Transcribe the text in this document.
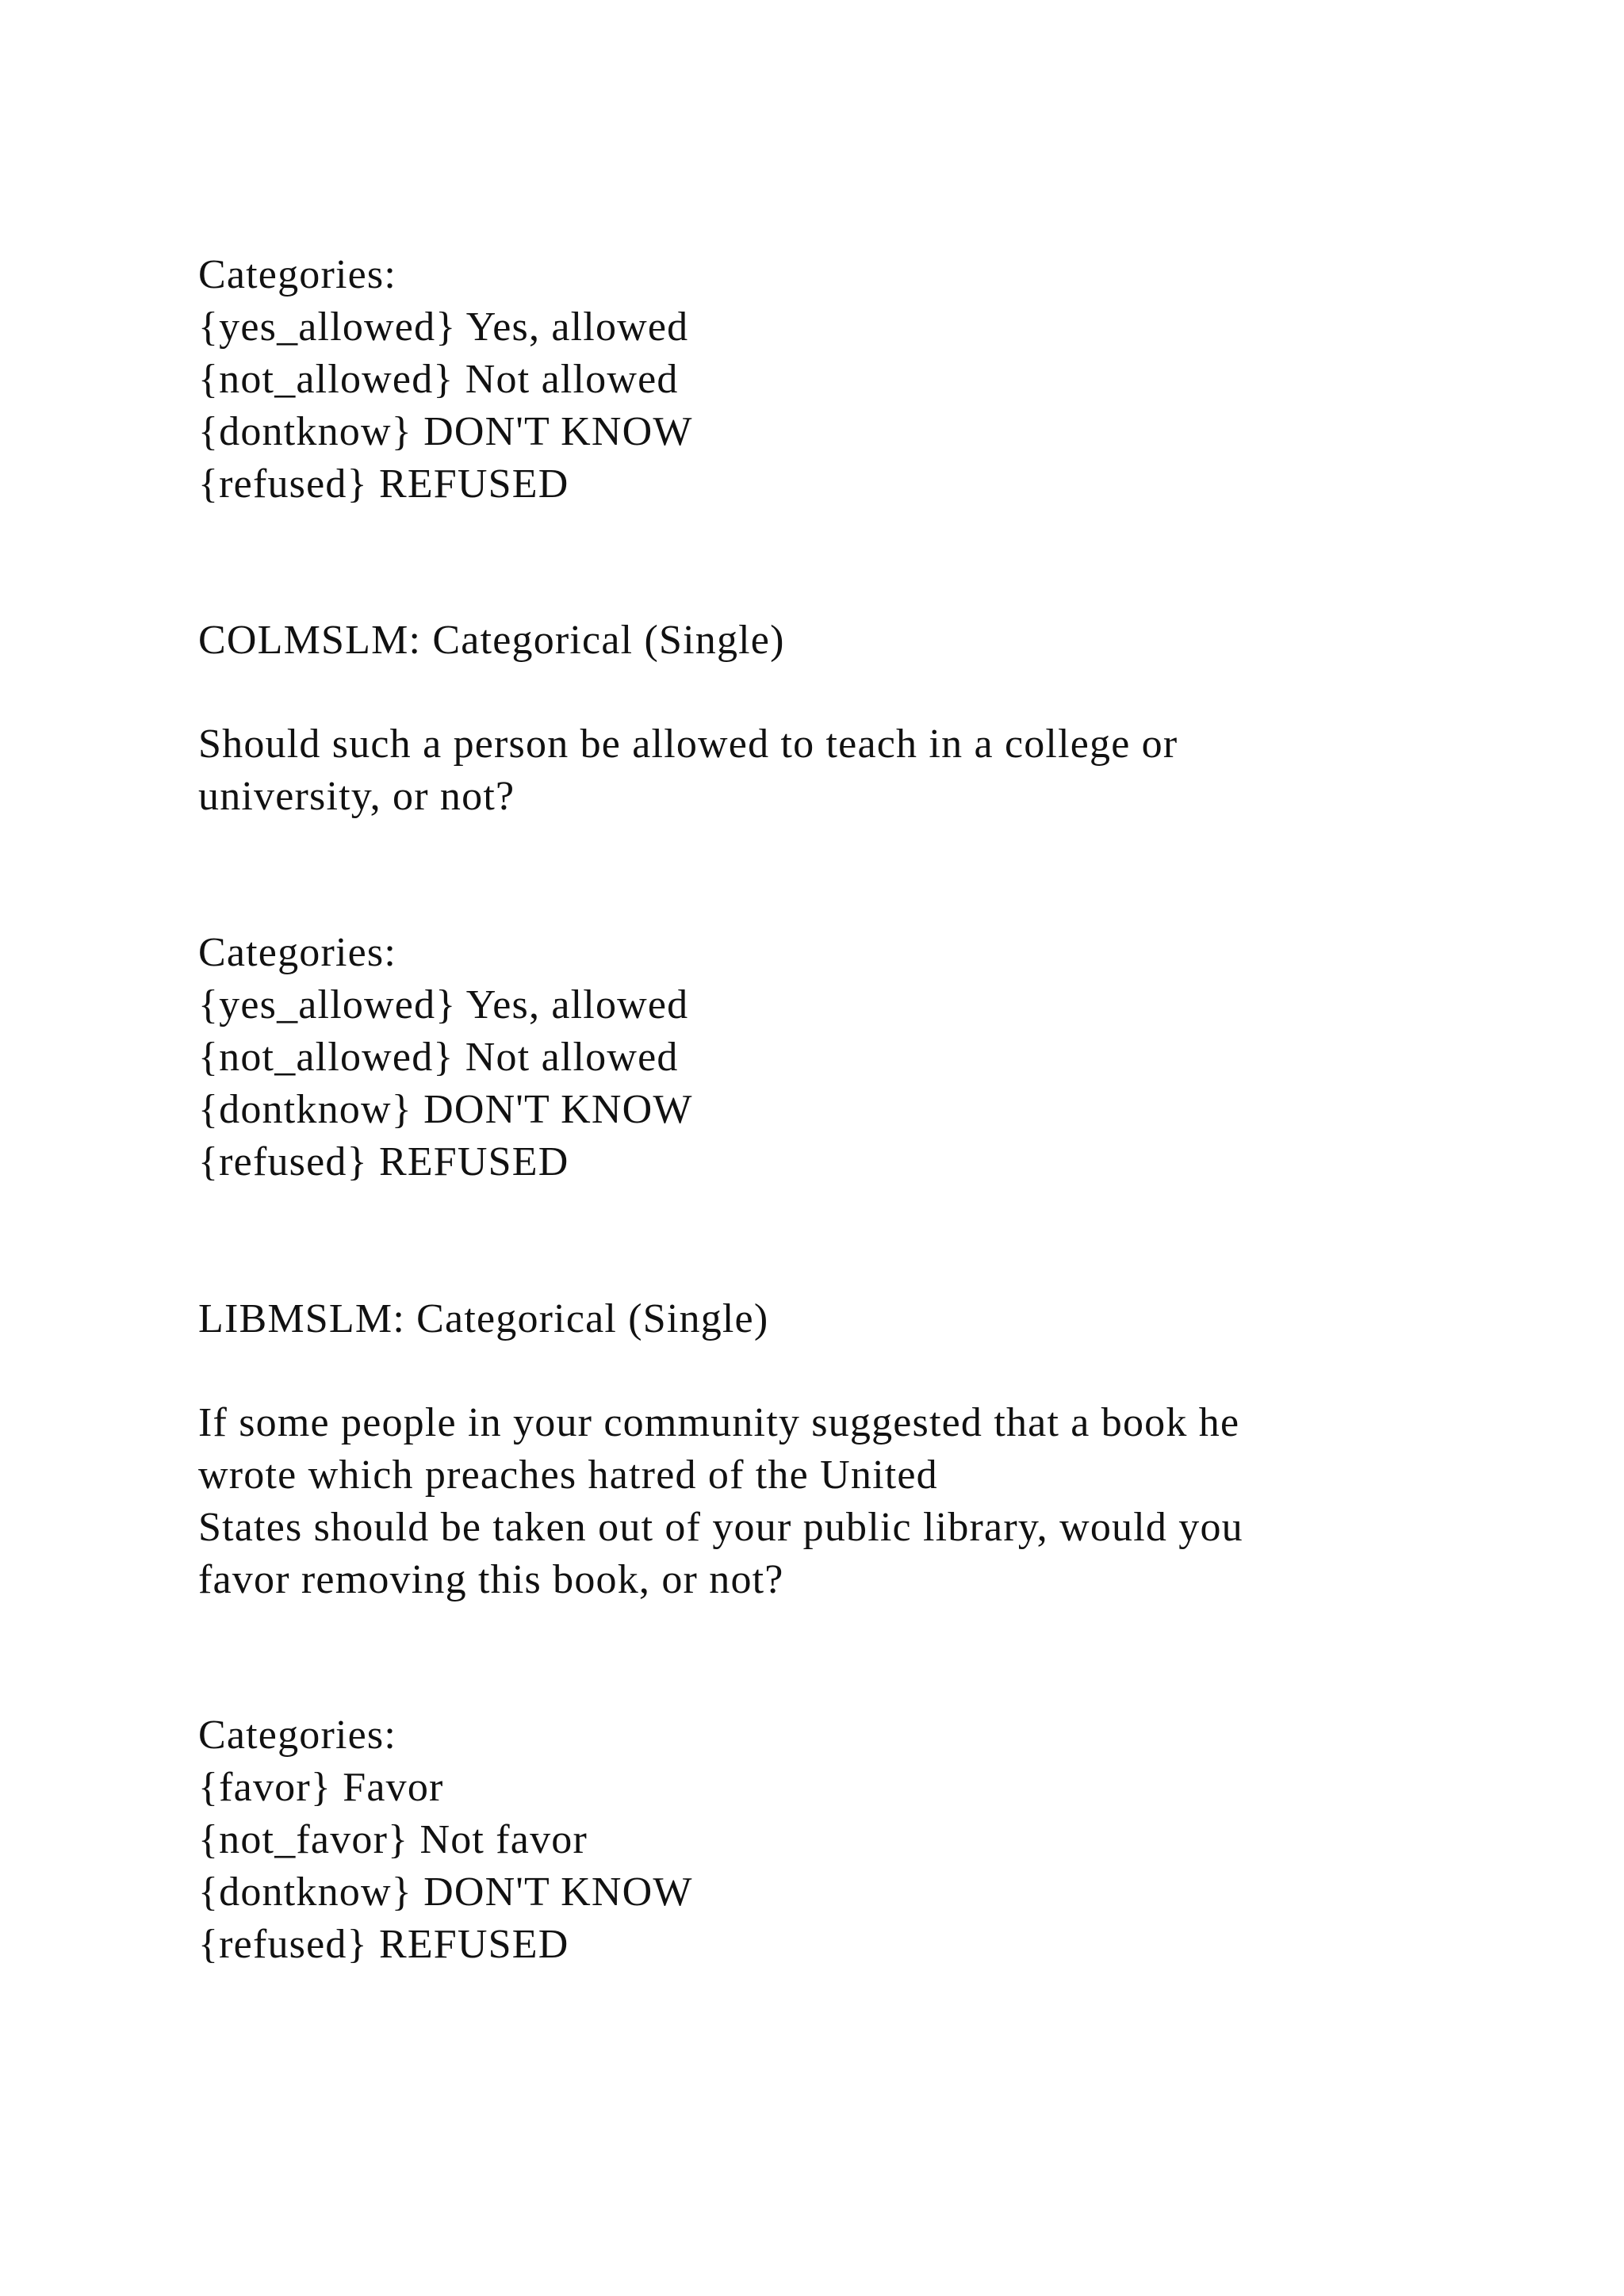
Categories:
{yes_allowed} Yes, allowed
{not_allowed} Not allowed
{dontknow} DON'T KNOW
{refused} REFUSED
COLMSLM: Categorical (Single)
Should such a person be allowed to teach in a college or
university, or not?
Categories:
{yes_allowed} Yes, allowed
{not_allowed} Not allowed
{dontknow} DON'T KNOW
{refused} REFUSED
LIBMSLM: Categorical (Single)
If some people in your community suggested that a book he
wrote which preaches hatred of the United
States should be taken out of your public library, would you
favor removing this book, or not?
Categories:
{favor} Favor
{not_favor} Not favor
{dontknow} DON'T KNOW
{refused} REFUSED
